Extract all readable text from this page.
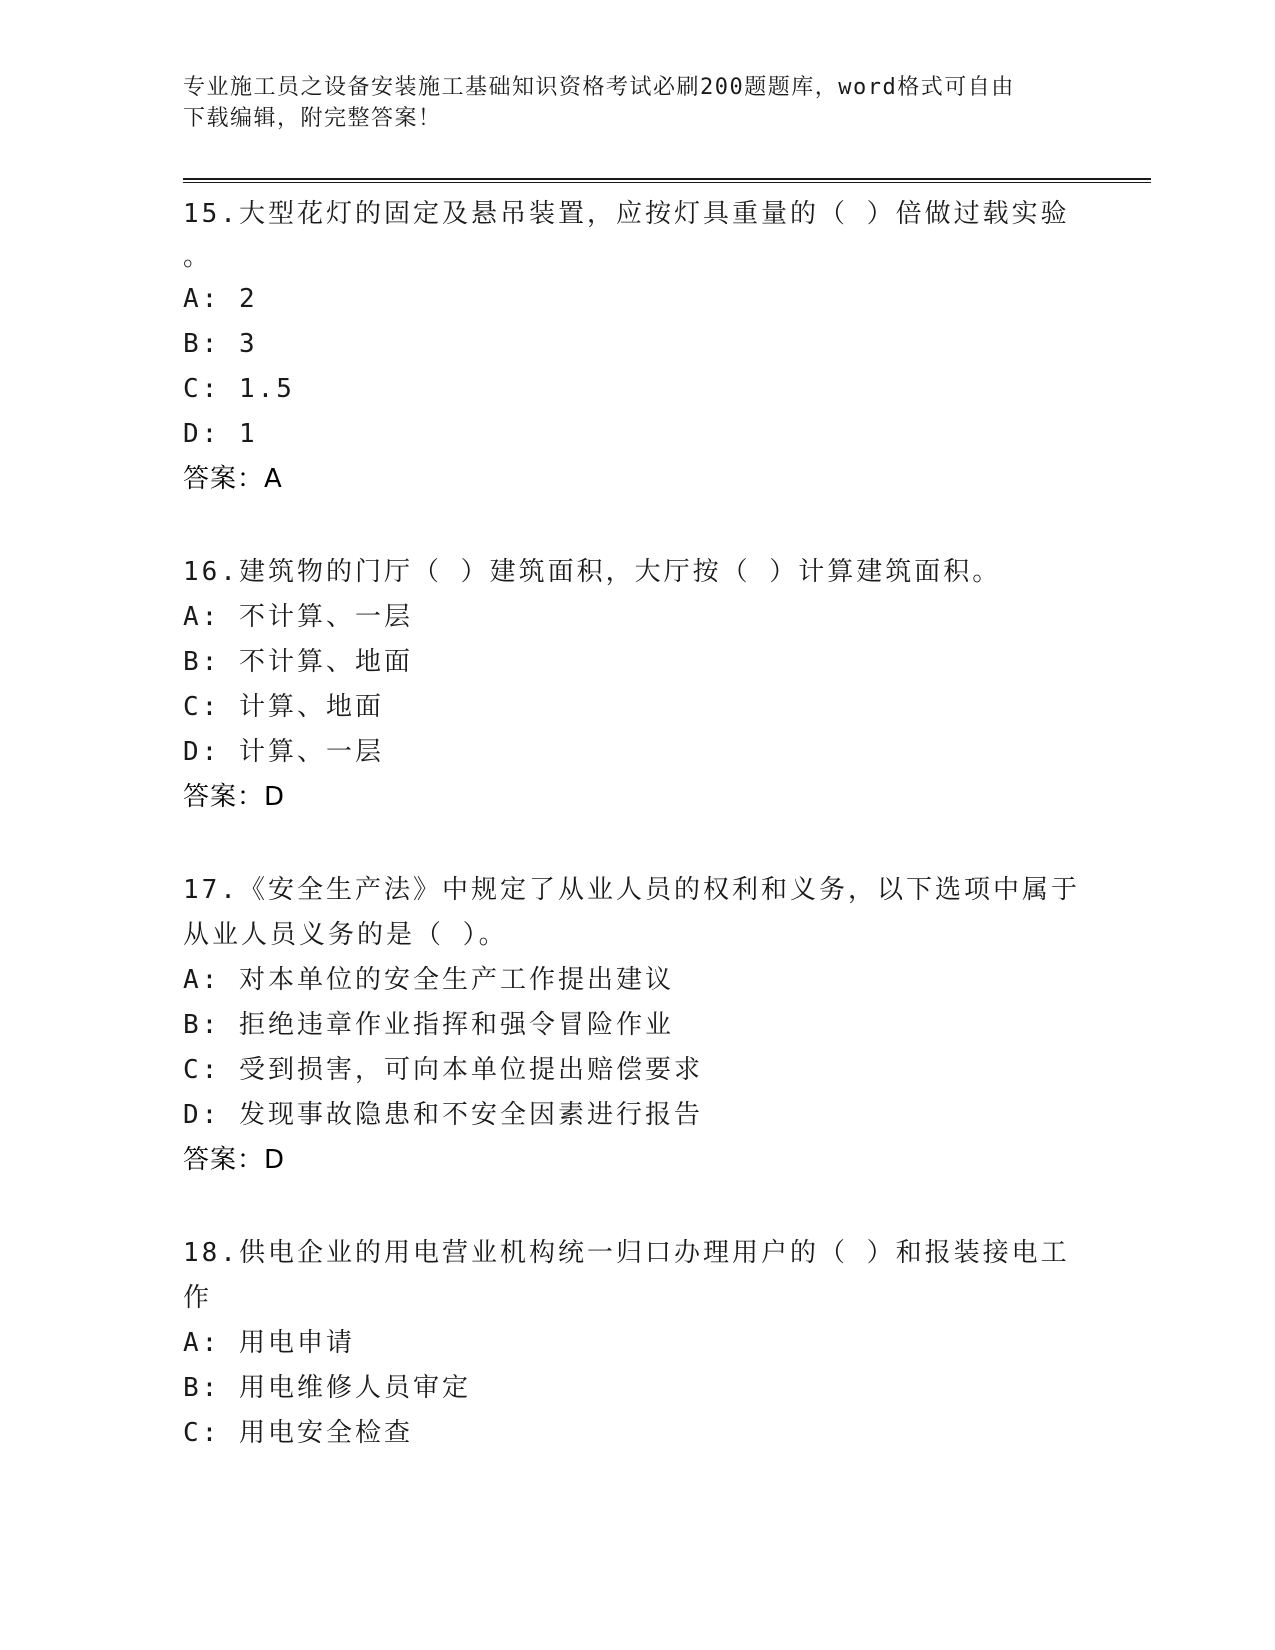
专业施工员之设备安装施工基础知识资格考试必刷200题题库，word格式可自由
下载编辑，附完整答案！
15.大型花灯的固定及悬吊装置，应按灯具重量的（ ）倍做过载实验
。
A: 2
B: 3
C: 1.5
D: 1
答案：A
16.建筑物的门厅（ ）建筑面积，大厅按（ ）计算建筑面积。
A: 不计算、一层
B: 不计算、地面
C: 计算、地面
D: 计算、一层
答案：D
17.《安全生产法》中规定了从业人员的权利和义务，以下选项中属于
从业人员义务的是（ ）。
A: 对本单位的安全生产工作提出建议
B: 拒绝违章作业指挥和强令冒险作业
C: 受到损害，可向本单位提出赔偿要求
D: 发现事故隐患和不安全因素进行报告
答案：D
18.供电企业的用电营业机构统一归口办理用户的（ ）和报装接电工
作
A: 用电申请
B: 用电维修人员审定
C: 用电安全检查
